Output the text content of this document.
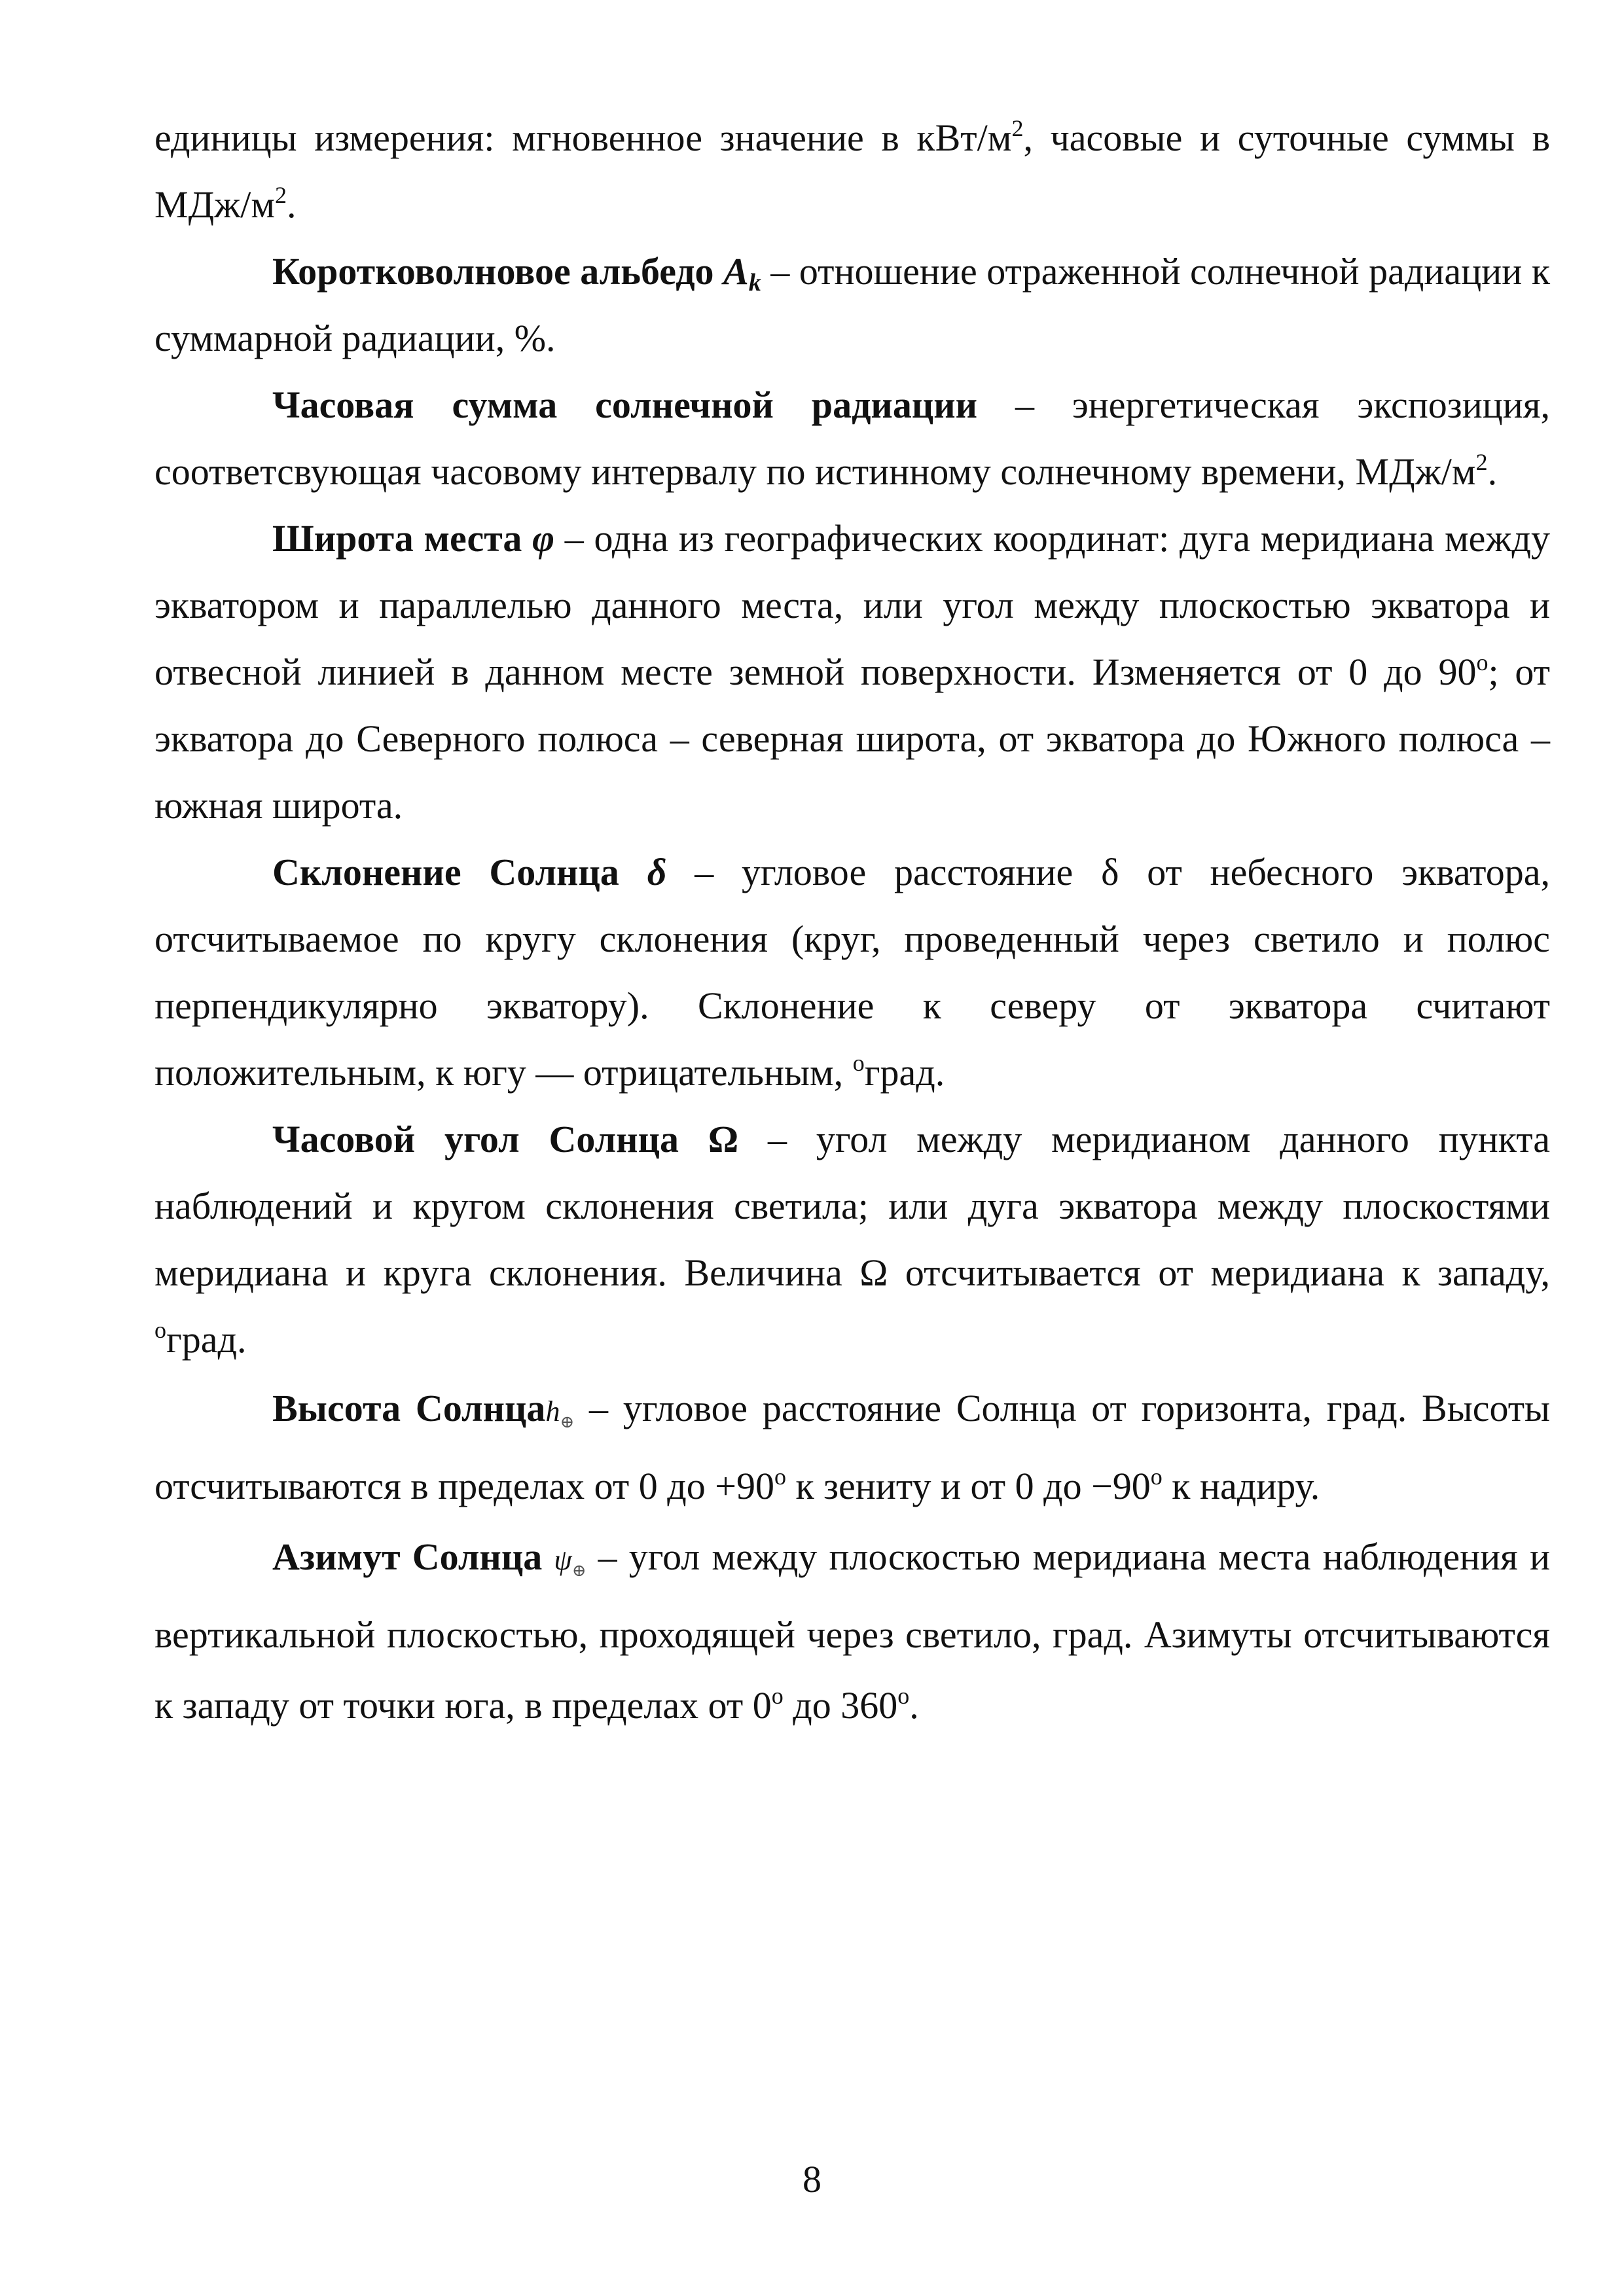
единицы измерения: мгновенное значение в кВт/$м^2$, часовые и суточные суммы в МДж/$м^2$.

Коротковолновое альбедо $A_k$ – отношение отраженной солнечной радиации к суммарной радиации, %.

Часовая сумма солнечной радиации – энергетическая экспозиция, соответсвующая часовому интервалу по истинному солнечному времени, МДж/$м^2$.

Широта места φ – одна из географических координат: дуга меридиана между экватором и параллелью данного места, или угол между плоскостью экватора и отвесной линией в данном месте земной поверхности. Изменяется от 0 до 90$^o$; от экватора до Северного полюса – северная широта, от экватора до Южного полюса – южная широта.

Склонение Солнца δ – угловое расстояние δ от небесного экватора, отсчитываемое по кругу склонения (круг, проведенный через светило и полюс перпендикулярно экватору). Склонение к северу от экватора считают положительным, к югу — отрицательным, $^o$град.

Часовой угол Солнца Ω – угол между меридианом данного пункта наблюдений и кругом склонения светила; или дуга экватора между плоскостями меридиана и круга склонения. Величина Ω отсчитывается от меридиана к западу, $^o$град.

Высота Солнцаh$_\oplus$ – угловое расстояние Солнца от горизонта, град. Высоты отсчитываются в пределах от 0 до $+90^o$ к зениту и от 0 до $-90^o$ к надиру.

Азимут Солнца $\psi_\oplus$ – угол между плоскостью меридиана места наблюдения и вертикальной плоскостью, проходящей через светило, град. Азимуты отсчитываются к западу от точки юга, в пределах от 0$^o$ до 360$^o$.

8
